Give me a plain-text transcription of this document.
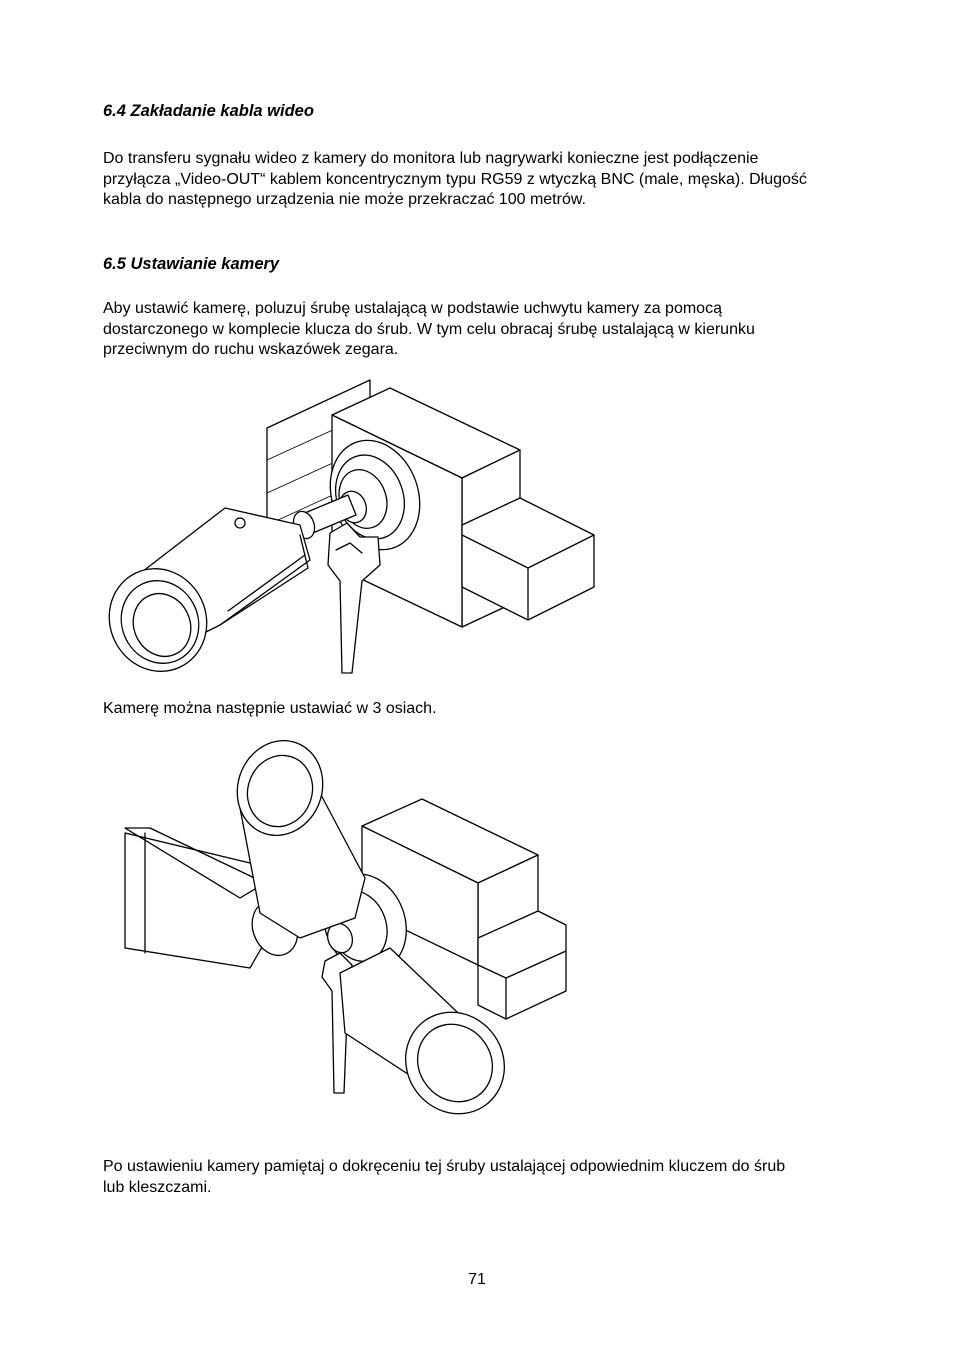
6.4 Zakładanie kabla wideo
Do transferu sygnału wideo z kamery do monitora lub nagrywarki konieczne jest podłączenie
przyłącza „Video-OUT“ kablem koncentrycznym typu RG59 z wtyczką BNC (male, męska). Długość
kabla do następnego urządzenia nie może przekraczać 100 metrów.
6.5 Ustawianie kamery
Aby ustawić kamerę, poluzuj śrubę ustalającą w podstawie uchwytu kamery za pomocą
dostarczonego w komplecie klucza do śrub. W tym celu obracaj śrubę ustalającą w kierunku
przeciwnym do ruchu wskazówek zegara.
Kamerę można następnie ustawiać w 3 osiach.
Po ustawieniu kamery pamiętaj o dokręceniu tej śruby ustalającej odpowiednim kluczem do śrub
lub kleszczami.
71
